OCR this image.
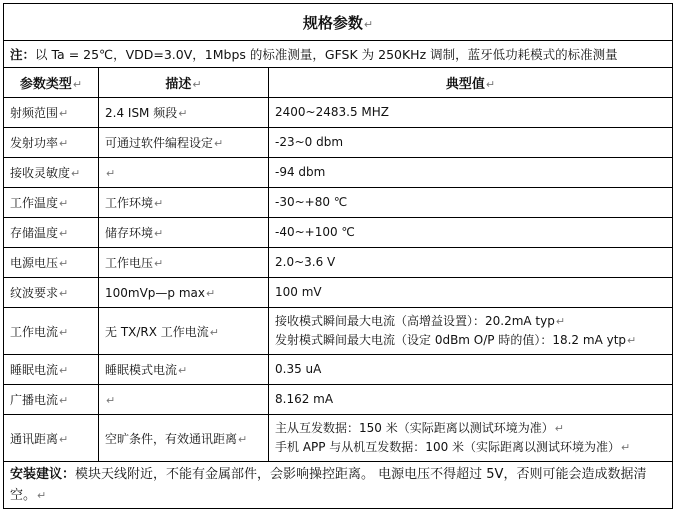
规格参数↵		
注：以 Ta = 25℃，VDD=3.0V，1Mbps 的标准测量，GFSK 为 250KHz 调制，蓝牙低功耗模式的标准测量		
参数类型↵	描述↵	典型值↵
射频范围↵	2.4 ISM 频段↵	2400~2483.5 MHZ

发射功率↵	可通过软件编程设定↵	-23~0 dbm

接收灵敏度↵	↵	-94 dbm

工作温度↵	工作环境↵	-30~+80 ℃

存储温度↵	储存环境↵	-40~+100 ℃

电源电压↵	工作电压↵	2.0~3.6 V

纹波要求↵	100mVp—p max↵	100 mV

工作电流↵	无 TX/RX 工作电流↵	接收模式瞬间最大电流（高增益设置）：20.2mA typ↵
发射模式瞬间最大电流（设定 0dBm O/P 時的值）：18.2 mA ytp↵

睡眠电流↵	睡眠模式电流↵	0.35 uA

广播电流↵	↵	8.162 mA

通讯距离↵	空旷条件，有效通讯距离↵	主从互发数据：150 米（实际距离以测试环境为准）↵
手机 APP 与从机互发数据：100 米（实际距离以测试环境为准）↵

安装建议：模块天线附近，不能有金属部件，会影响操控距离。 电源电压不得超过 5V，否则可能会造成数据清空。↵		
